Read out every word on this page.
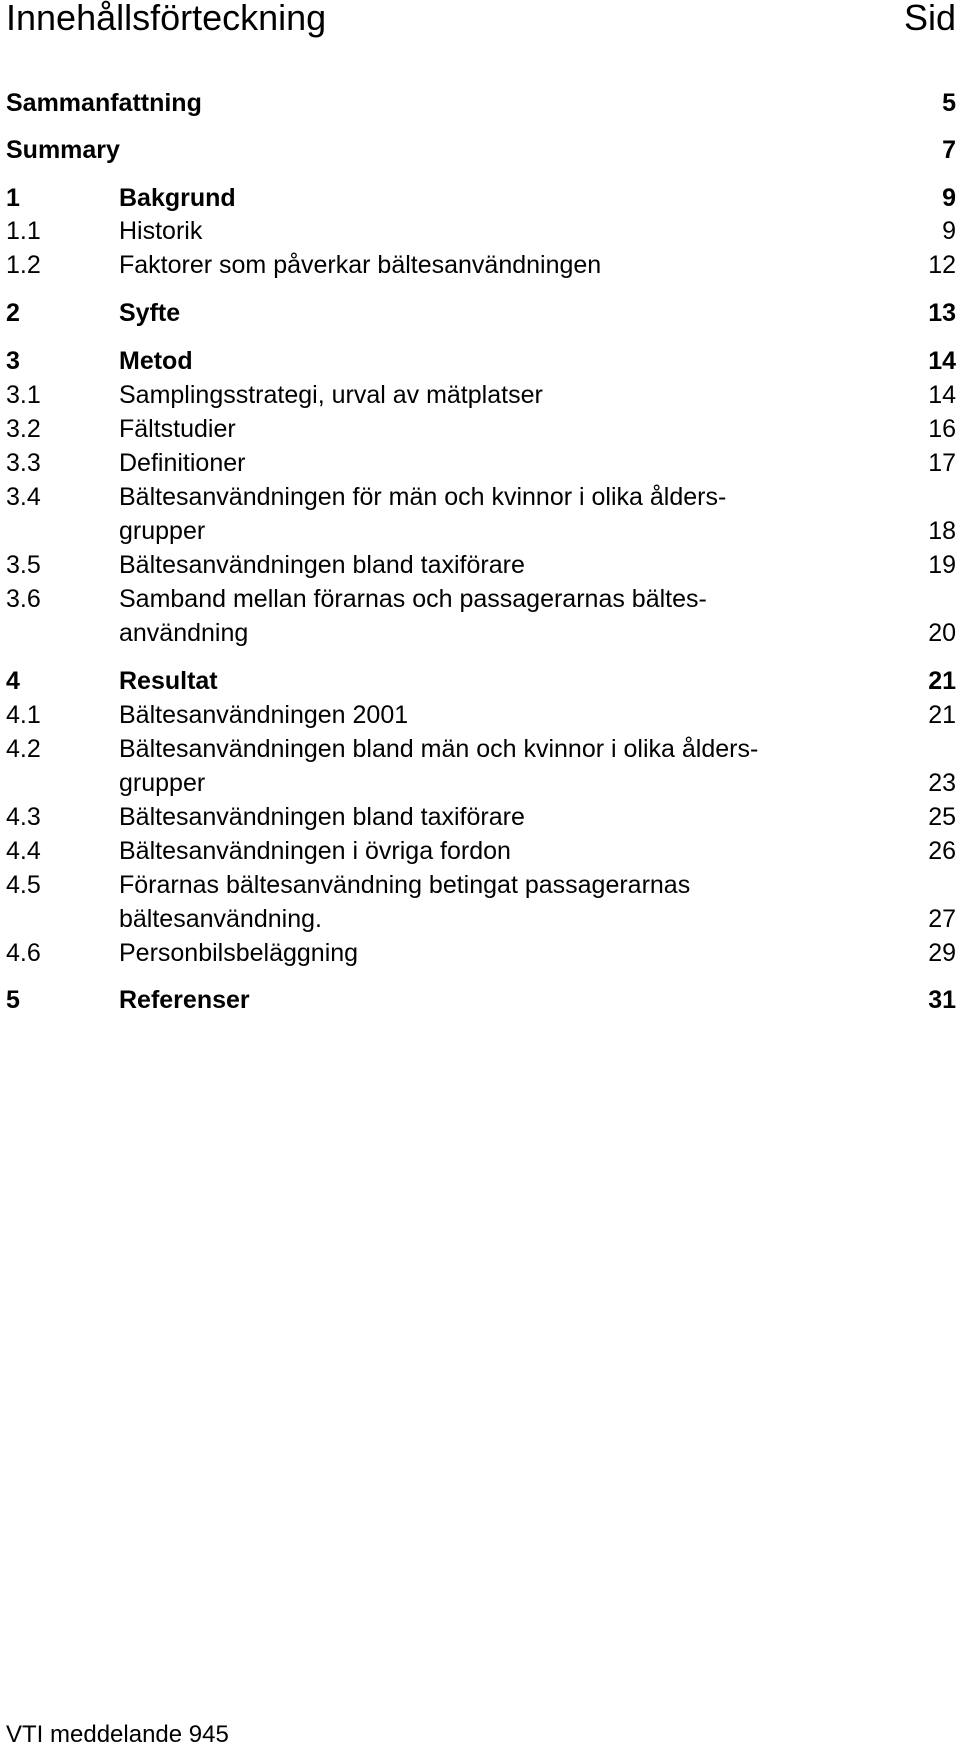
Innehållsförteckning	Sid
Sammanfattning	5
Summary	7
1	Bakgrund	9
1.1	Historik	9
1.2	Faktorer som påverkar bältesanvändningen	12
2	Syfte	13
3	Metod	14
3.1	Samplingsstrategi, urval av mätplatser	14
3.2	Fältstudier	16
3.3	Definitioner	17
3.4	Bältesanvändningen för män och kvinnor i olika ålders-
grupper	18
3.5	Bältesanvändningen bland taxiförare	19
3.6	Samband mellan förarnas och passagerarnas bältes-
användning	20
4	Resultat	21
4.1	Bältesanvändningen 2001	21
4.2	Bältesanvändningen bland män och kvinnor i olika ålders-
grupper	23
4.3	Bältesanvändningen bland taxiförare	25
4.4	Bältesanvändningen i övriga fordon	26
4.5	Förarnas bältesanvändning betingat passagerarnas
bältesanvändning.	27
4.6	Personbilsbeläggning	29
5	Referenser	31
VTI meddelande 945
